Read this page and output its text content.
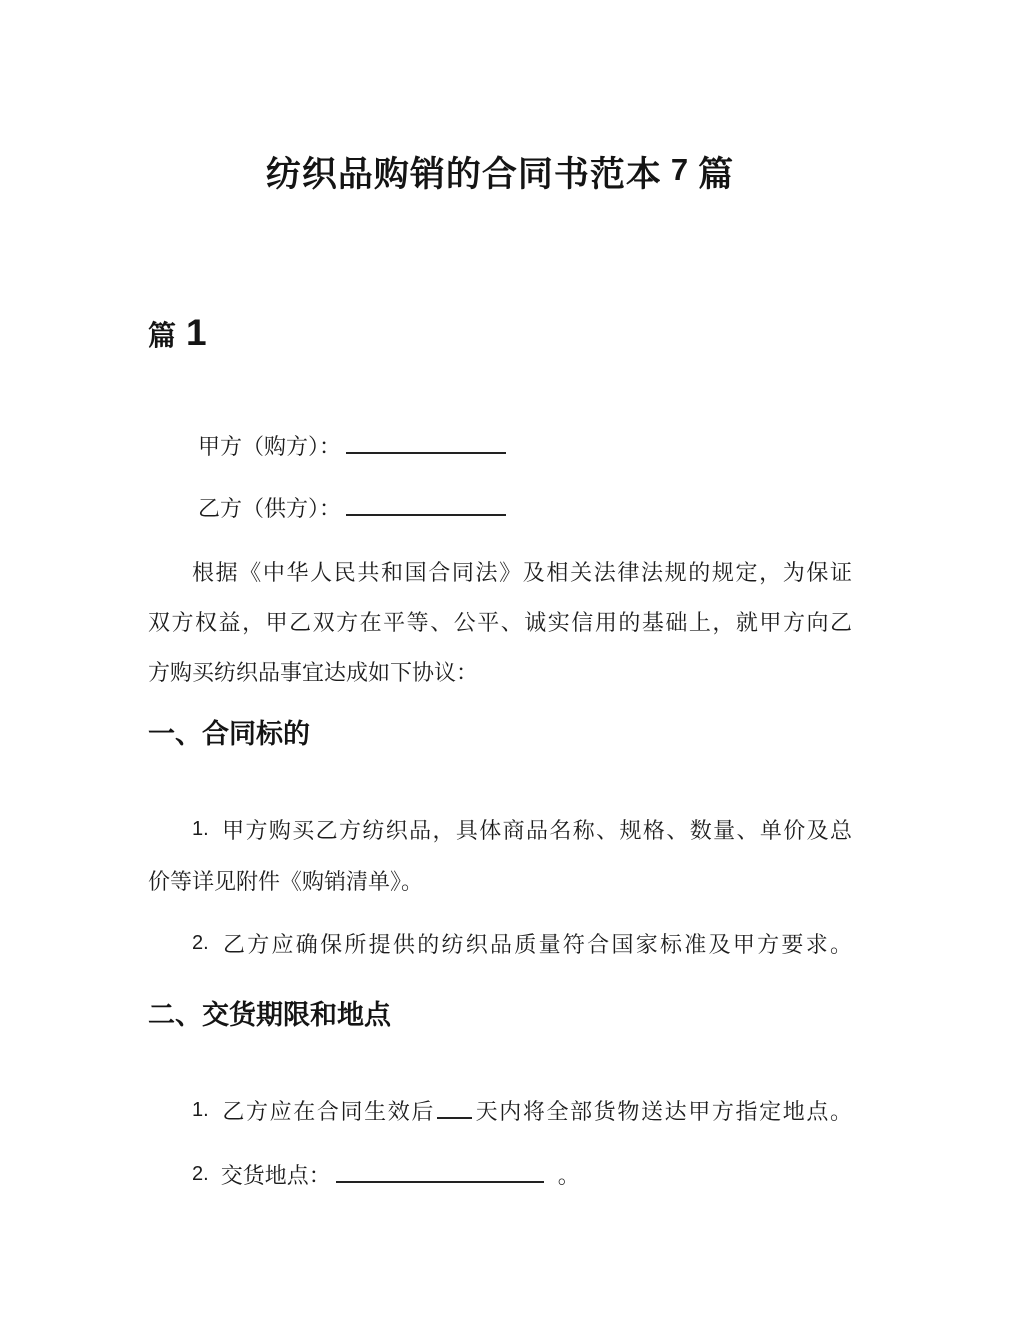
纺织品购销的合同书范本 7 篇
篇 1
甲方（购方）：
乙方（供方）：
根据《中华人民共和国合同法》及相关法律法规的规定，为保证
双方权益，甲乙双方在平等、公平、诚实信用的基础上，就甲方向乙
方购买纺织品事宜达成如下协议：
一、合同标的
1. 甲方购买乙方纺织品，具体商品名称、规格、数量、单价及总
价等详见附件《购销清单》。
2. 乙方应确保所提供的纺织品质量符合国家标准及甲方要求。
二、交货期限和地点
1. 乙方应在合同生效后 天内将全部货物送达甲方指定地点。
2. 交货地点：	。
